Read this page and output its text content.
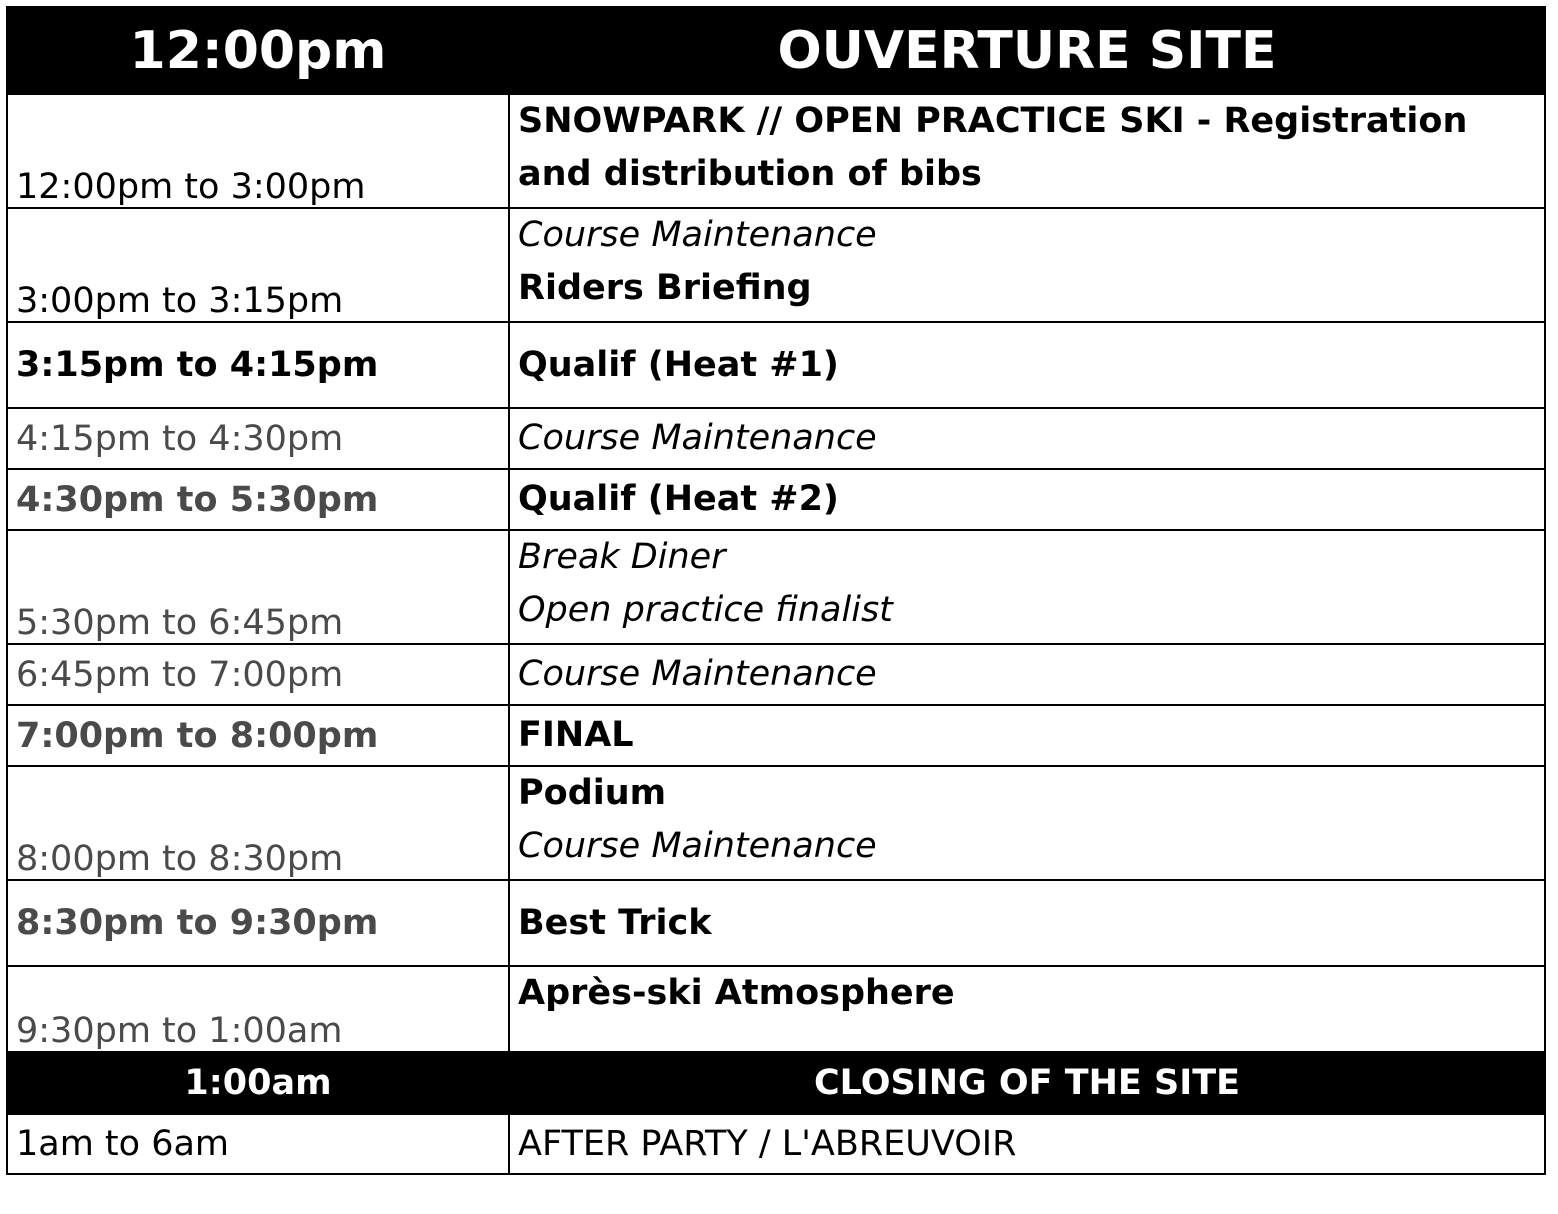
12:00pm	OUVERTURE SITE
12:00pm to 3:00pm	SNOWPARK // OPEN PRACTICE SKI - Registration and distribution of bibs

3:00pm to 3:15pm	Course Maintenance
Riders Briefing

3:15pm to 4:15pm	Qualif (Heat #1)

4:15pm to 4:30pm	Course Maintenance

4:30pm to 5:30pm	Qualif (Heat #2)

5:30pm to 6:45pm	Break Diner
Open practice finalist

6:45pm to 7:00pm	Course Maintenance

7:00pm to 8:00pm	FINAL

8:00pm to 8:30pm	Podium
Course Maintenance

8:30pm to 9:30pm	Best Trick

9:30pm to 1:00am	Après-ski Atmosphere

1:00am	CLOSING OF THE SITE
1am to 6am	AFTER PARTY / L'ABREUVOIR
